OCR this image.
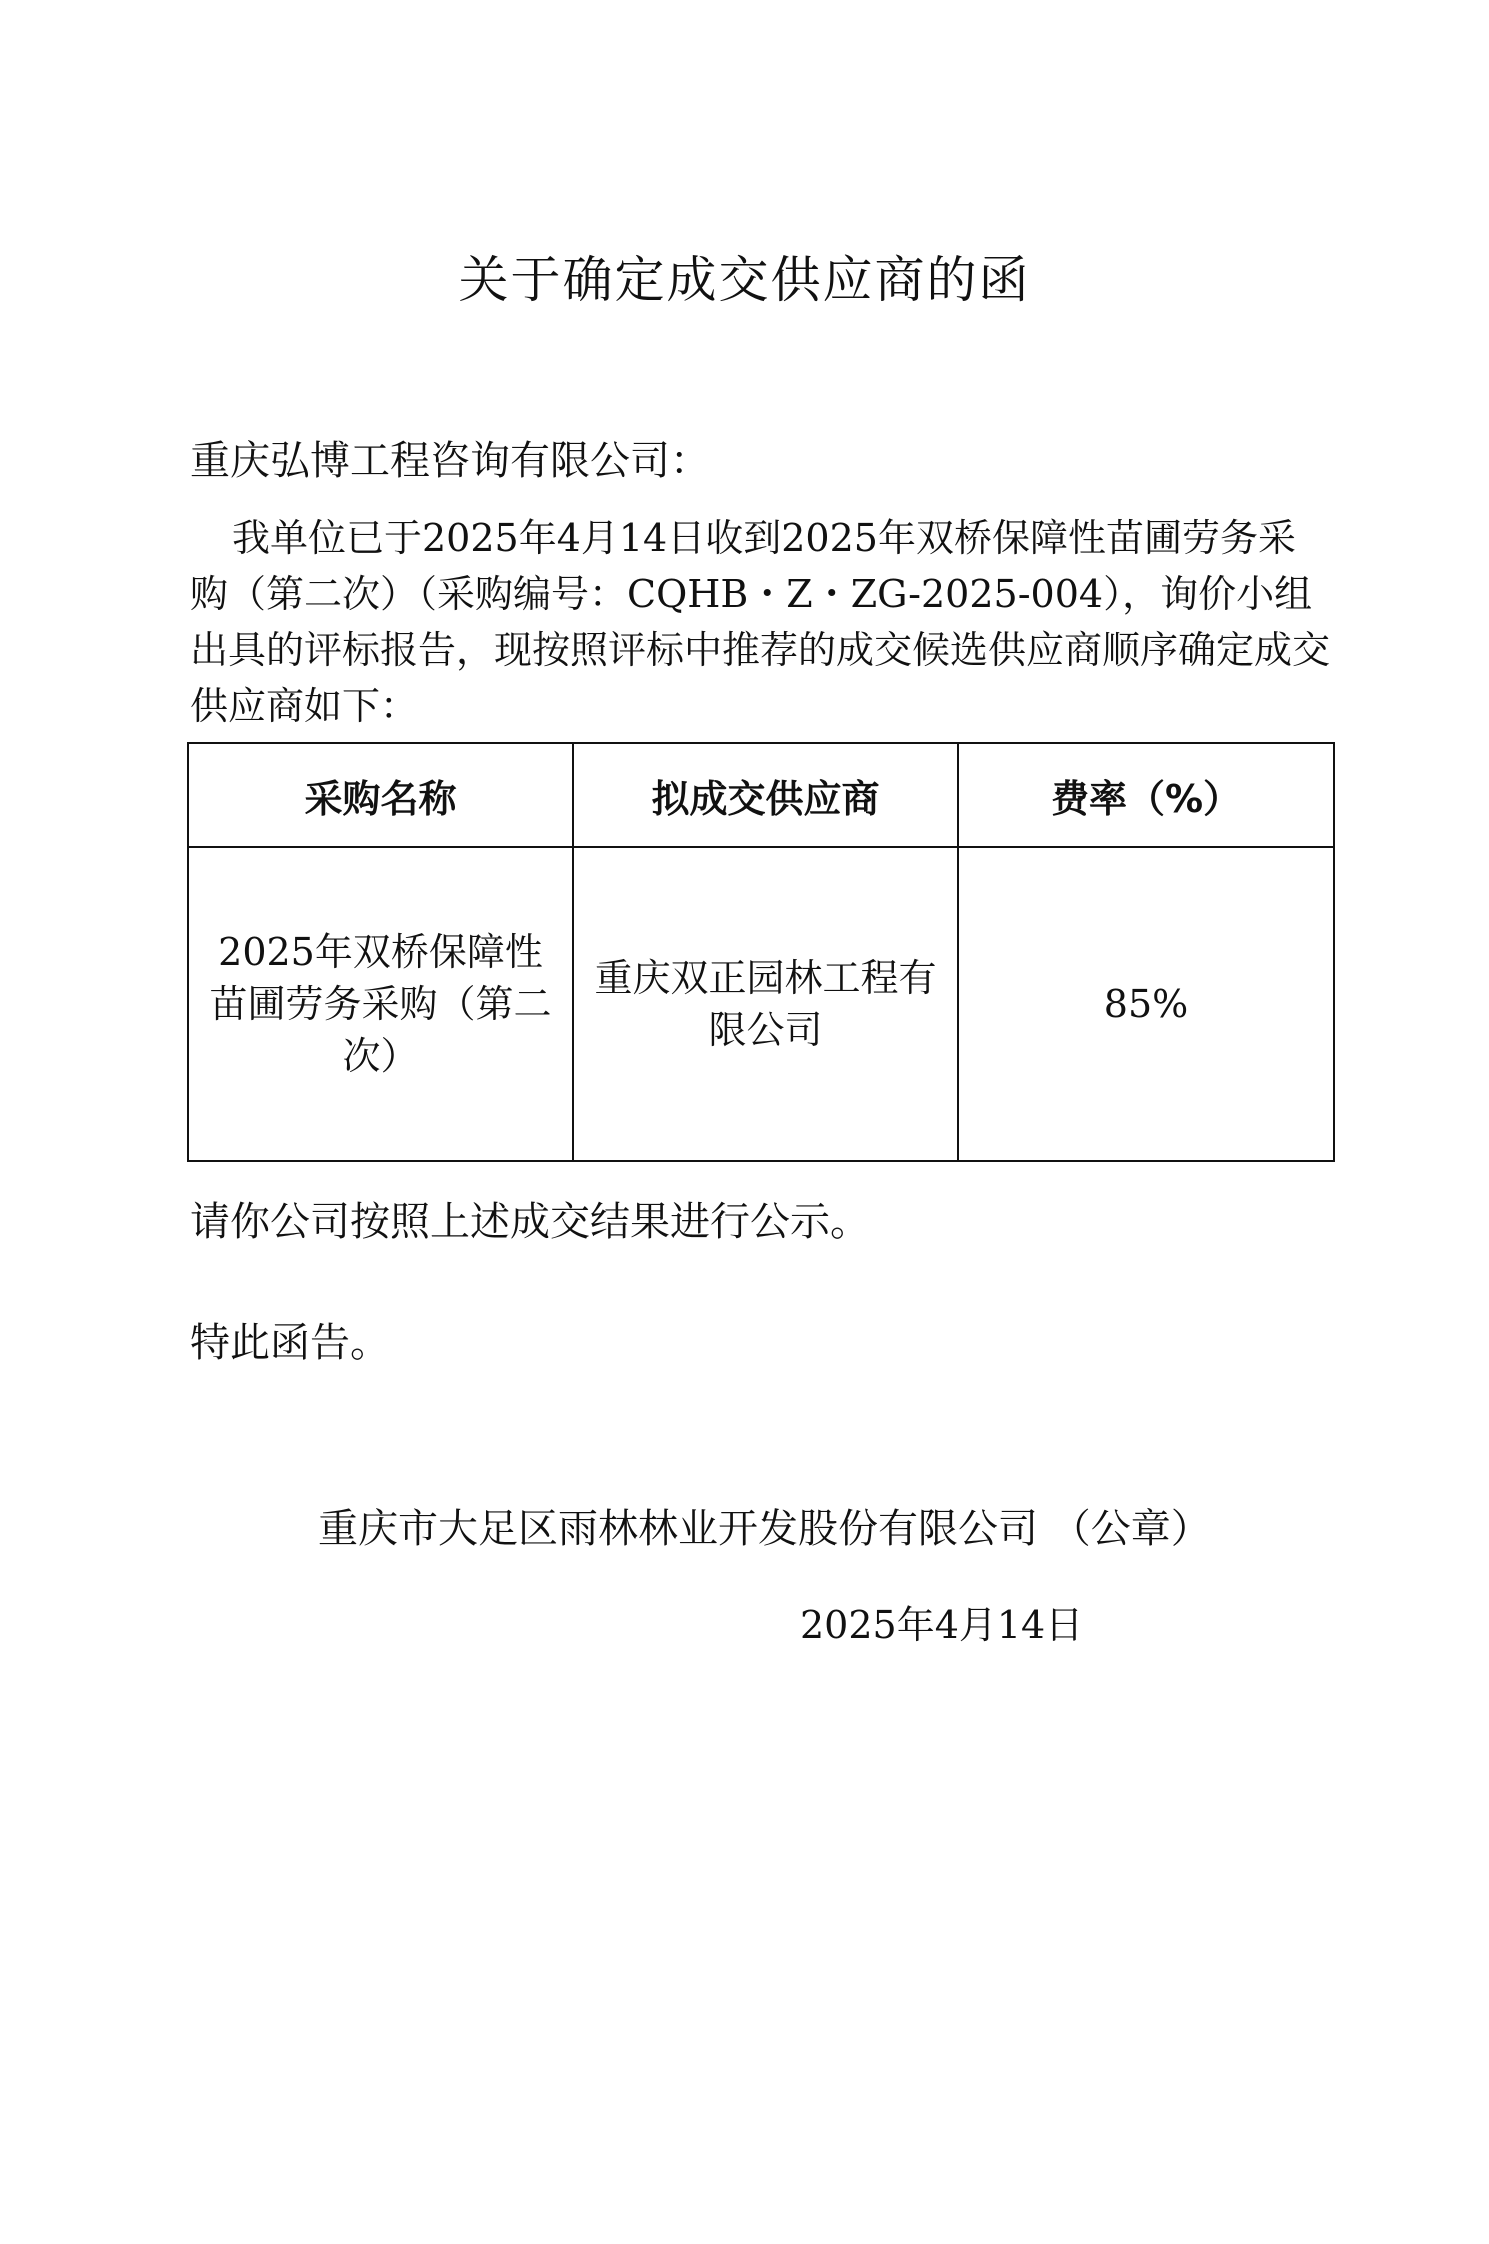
关于确定成交供应商的函
重庆弘博工程咨询有限公司：
我单位已于2025年4月14日收到2025年双桥保障性苗圃劳务采购（第二次）（采购编号：CQHB・Z・ZG-2025-004），询价小组出具的评标报告，现按照评标中推荐的成交候选供应商顺序确定成交供应商如下：
采购名称	拟成交供应商	费率（%）
2025年双桥保障性苗圃劳务采购（第二次）	重庆双正园林工程有限公司	85%
请你公司按照上述成交结果进行公示。
特此函告。
重庆市大足区雨林林业开发股份有限公司 （公章）
2025年4月14日
